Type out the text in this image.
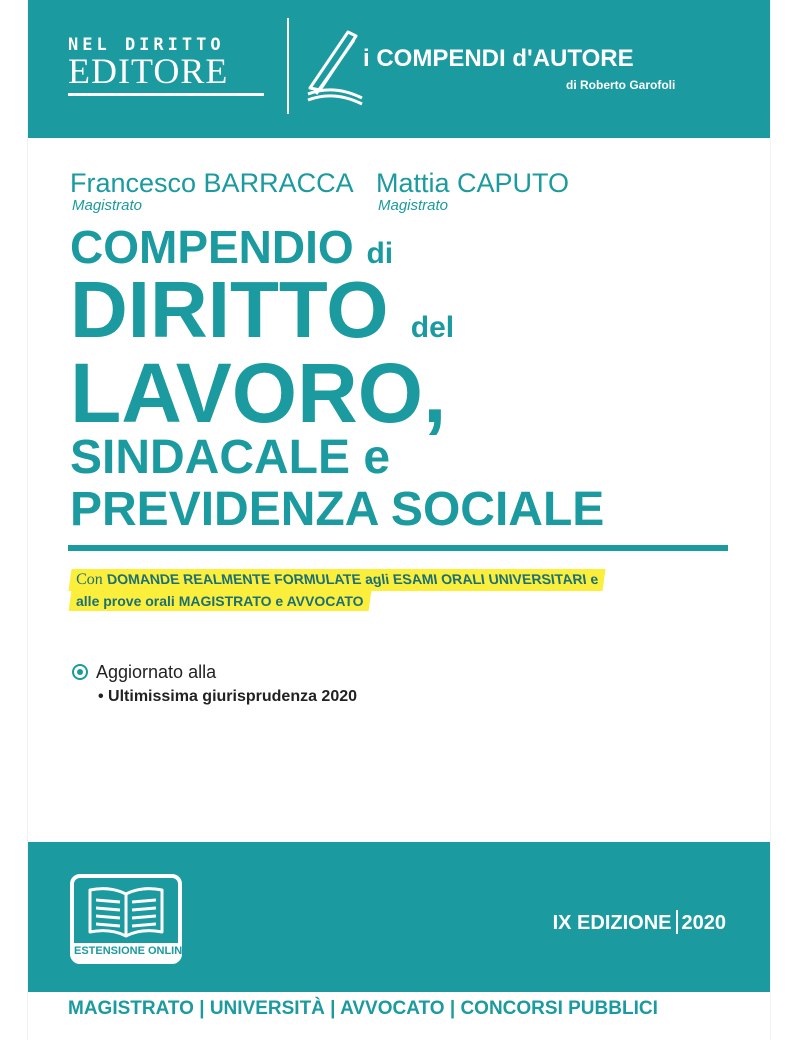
NEL DIRITTO
EDITORE	i COMPENDI d'AUTORE
di Roberto Garofoli
Francesco BARRACCA
Magistrato
Mattia CAPUTO
Magistrato
COMPENDIO di
DIRITTO del
LAVORO,
SINDACALE e
PREVIDENZA SOCIALE
Con DOMANDE REALMENTE FORMULATE agli ESAMI ORALI UNIVERSITARI e
alle prove orali MAGISTRATO e AVVOCATO
Aggiornato alla
• Ultimissima giurisprudenza 2020
ESTENSIONE ONLINE
IX EDIZIONE 2020
MAGISTRATO | UNIVERSITÀ | AVVOCATO | CONCORSI PUBBLICI
